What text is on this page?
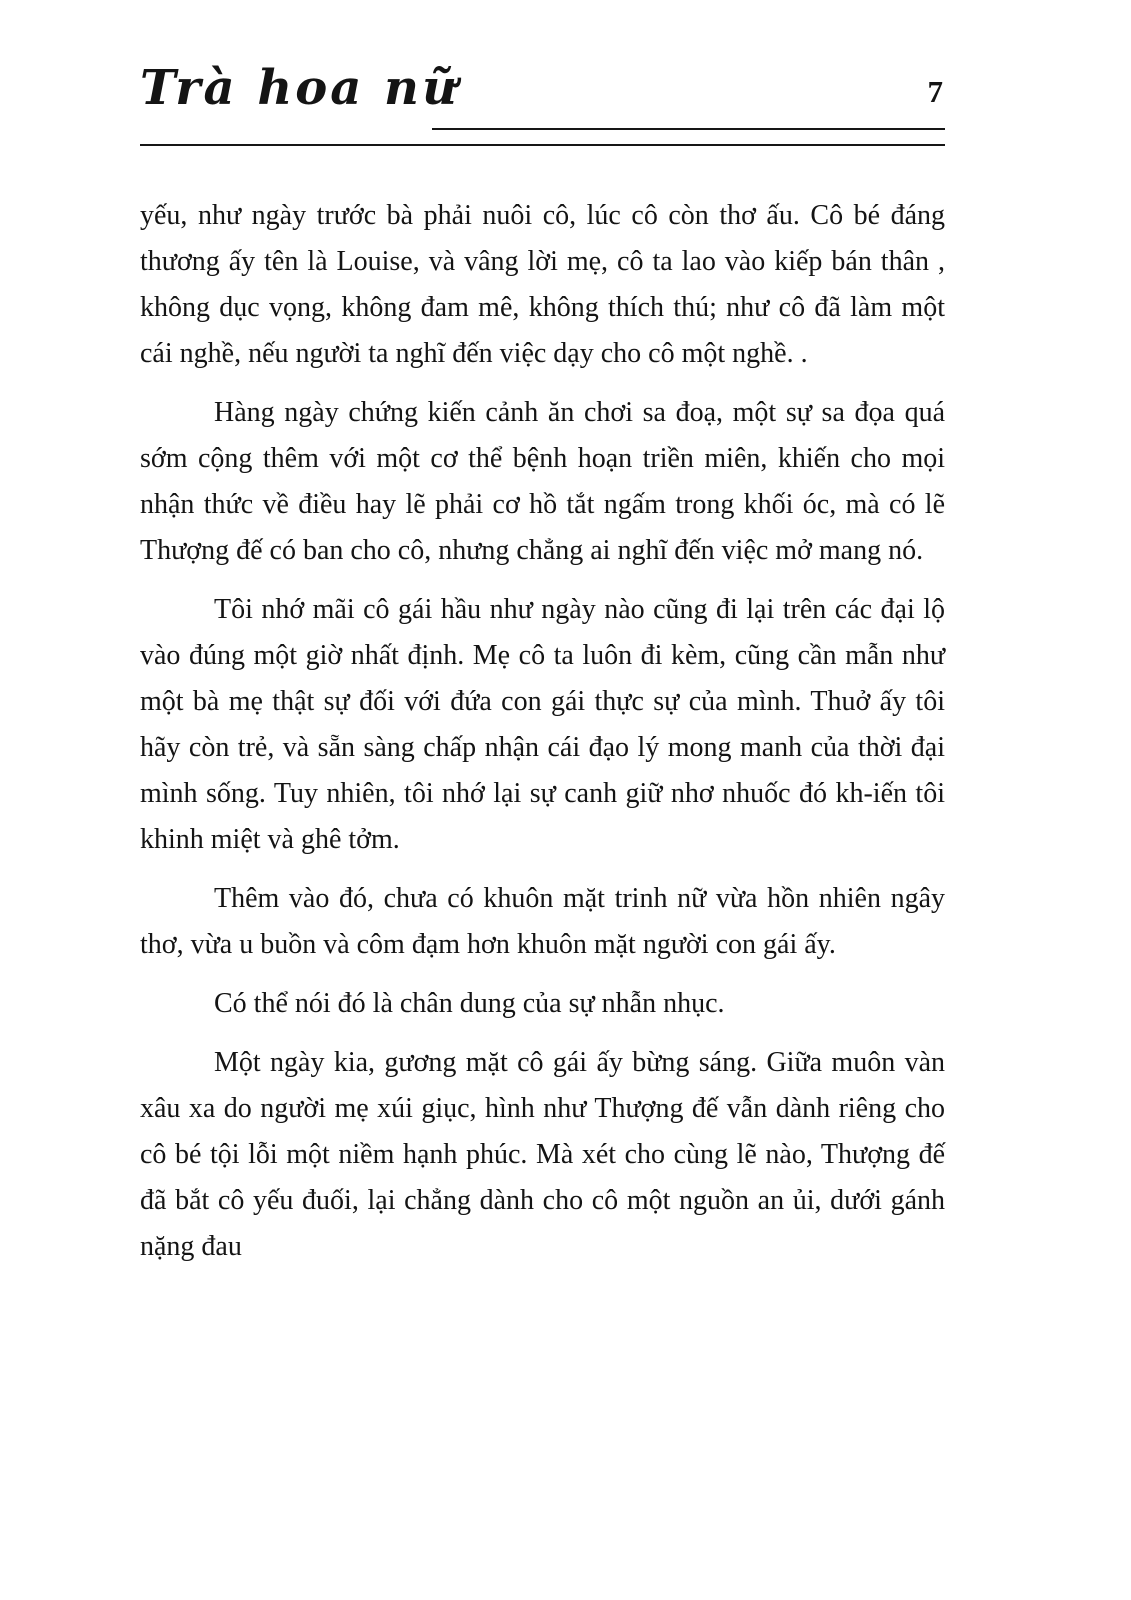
Trà hoa nữ	7

yếu, như ngày trước bà phải nuôi cô, lúc cô còn thơ ấu. Cô bé đáng thương ấy tên là Louise, và vâng lời mẹ, cô ta lao vào kiếp bán thân , không dục vọng, không đam mê, không thích thú; như cô đã làm một cái nghề, nếu người ta nghĩ đến việc dạy cho cô một nghề. .

Hàng ngày chứng kiến cảnh ăn chơi sa đoạ, một sự sa đọa quá sớm cộng thêm với một cơ thể bệnh hoạn triền miên, khiến cho mọi nhận thức về điều hay lẽ phải cơ hồ tắt ngấm trong khối óc, mà có lẽ Thượng đế có ban cho cô, nhưng chẳng ai nghĩ đến việc mở mang nó.

Tôi nhớ mãi cô gái hầu như ngày nào cũng đi lại trên các đại lộ vào đúng một giờ nhất định. Mẹ cô ta luôn đi kèm, cũng cần mẫn như một bà mẹ thật sự đối với đứa con gái thực sự của mình. Thuở ấy tôi hãy còn trẻ, và sẵn sàng chấp nhận cái đạo lý mong manh của thời đại mình sống. Tuy nhiên, tôi nhớ lại sự canh giữ nhơ nhuốc đó kh-iến tôi khinh miệt và ghê tởm.

Thêm vào đó, chưa có khuôn mặt trinh nữ vừa hồn nhiên ngây thơ, vừa u buồn và côm đạm hơn khuôn mặt người con gái ấy.

Có thể nói đó là chân dung của sự nhẫn nhục.

Một ngày kia, gương mặt cô gái ấy bừng sáng. Giữa muôn vàn xâu xa do người mẹ xúi giục, hình như Thượng đế vẫn dành riêng cho cô bé tội lỗi một niềm hạnh phúc. Mà xét cho cùng lẽ nào, Thượng đế đã bắt cô yếu đuối, lại chẳng dành cho cô một nguồn an ủi, dưới gánh nặng đau
